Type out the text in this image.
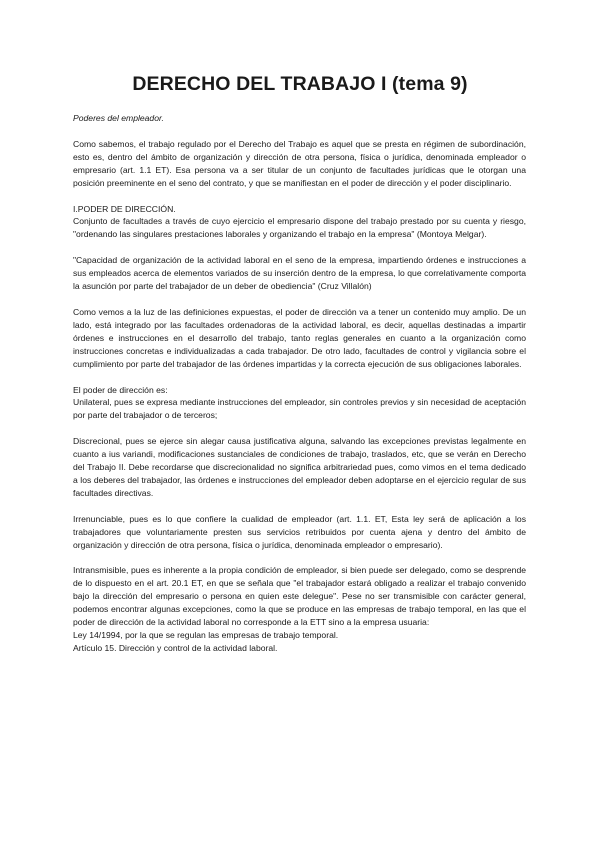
DERECHO DEL TRABAJO I (tema 9)

Poderes del empleador.

Como sabemos, el trabajo regulado por el Derecho del Trabajo es aquel que se presta en régimen de subordinación, esto es, dentro del ámbito de organización y dirección de otra persona, física o jurídica, denominada empleador o empresario (art. 1.1 ET). Esa persona va a ser titular de un conjunto de facultades jurídicas que le otorgan una posición preeminente en el seno del contrato, y que se manifiestan en el poder de dirección y el poder disciplinario.

I.PODER DE DIRECCIÓN.

Conjunto de facultades a través de cuyo ejercicio el empresario dispone del trabajo prestado por su cuenta y riesgo, "ordenando las singulares prestaciones laborales y organizando el trabajo en la empresa" (Montoya Melgar).

"Capacidad de organización de la actividad laboral en el seno de la empresa, impartiendo órdenes e instrucciones a sus empleados acerca de elementos variados de su inserción dentro de la empresa, lo que correlativamente comporta la asunción por parte del trabajador de un deber de obediencia" (Cruz Villalón)

Como vemos a la luz de las definiciones expuestas, el poder de dirección va a tener un contenido muy amplio. De un lado, está integrado por las facultades ordenadoras de la actividad laboral, es decir, aquellas destinadas a impartir órdenes e instrucciones en el desarrollo del trabajo, tanto reglas generales en cuanto a la organización como instrucciones concretas e individualizadas a cada trabajador. De otro lado, facultades de control y vigilancia sobre el cumplimiento por parte del trabajador de las órdenes impartidas y la correcta ejecución de sus obligaciones laborales.

El poder de dirección es:

Unilateral, pues se expresa mediante instrucciones del empleador, sin controles previos y sin necesidad de aceptación por parte del trabajador o de terceros;

Discrecional, pues se ejerce sin alegar causa justificativa alguna, salvando las excepciones previstas legalmente en cuanto a ius variandi, modificaciones sustanciales de condiciones de trabajo, traslados, etc, que se verán en Derecho del Trabajo II. Debe recordarse que discrecionalidad no significa arbitrariedad pues, como vimos en el tema dedicado a los deberes del trabajador, las órdenes e instrucciones del empleador deben adoptarse en el ejercicio regular de sus facultades directivas.

Irrenunciable, pues es lo que confiere la cualidad de empleador (art. 1.1. ET, Esta ley será de aplicación a los trabajadores que voluntariamente presten sus servicios retribuidos por cuenta ajena y dentro del ámbito de organización y dirección de otra persona, física o jurídica, denominada empleador o empresario).

Intransmisible, pues es inherente a la propia condición de empleador, si bien puede ser delegado, como se desprende de lo dispuesto en el art. 20.1 ET, en que se señala que "el trabajador estará obligado a realizar el trabajo convenido bajo la dirección del empresario o persona en quien este delegue". Pese no ser transmisible con carácter general, podemos encontrar algunas excepciones, como la que se produce en las empresas de trabajo temporal, en las que el poder de dirección de la actividad laboral no corresponde a la ETT sino a la empresa usuaria:

Ley 14/1994, por la que se regulan las empresas de trabajo temporal.

Artículo 15. Dirección y control de la actividad laboral.
